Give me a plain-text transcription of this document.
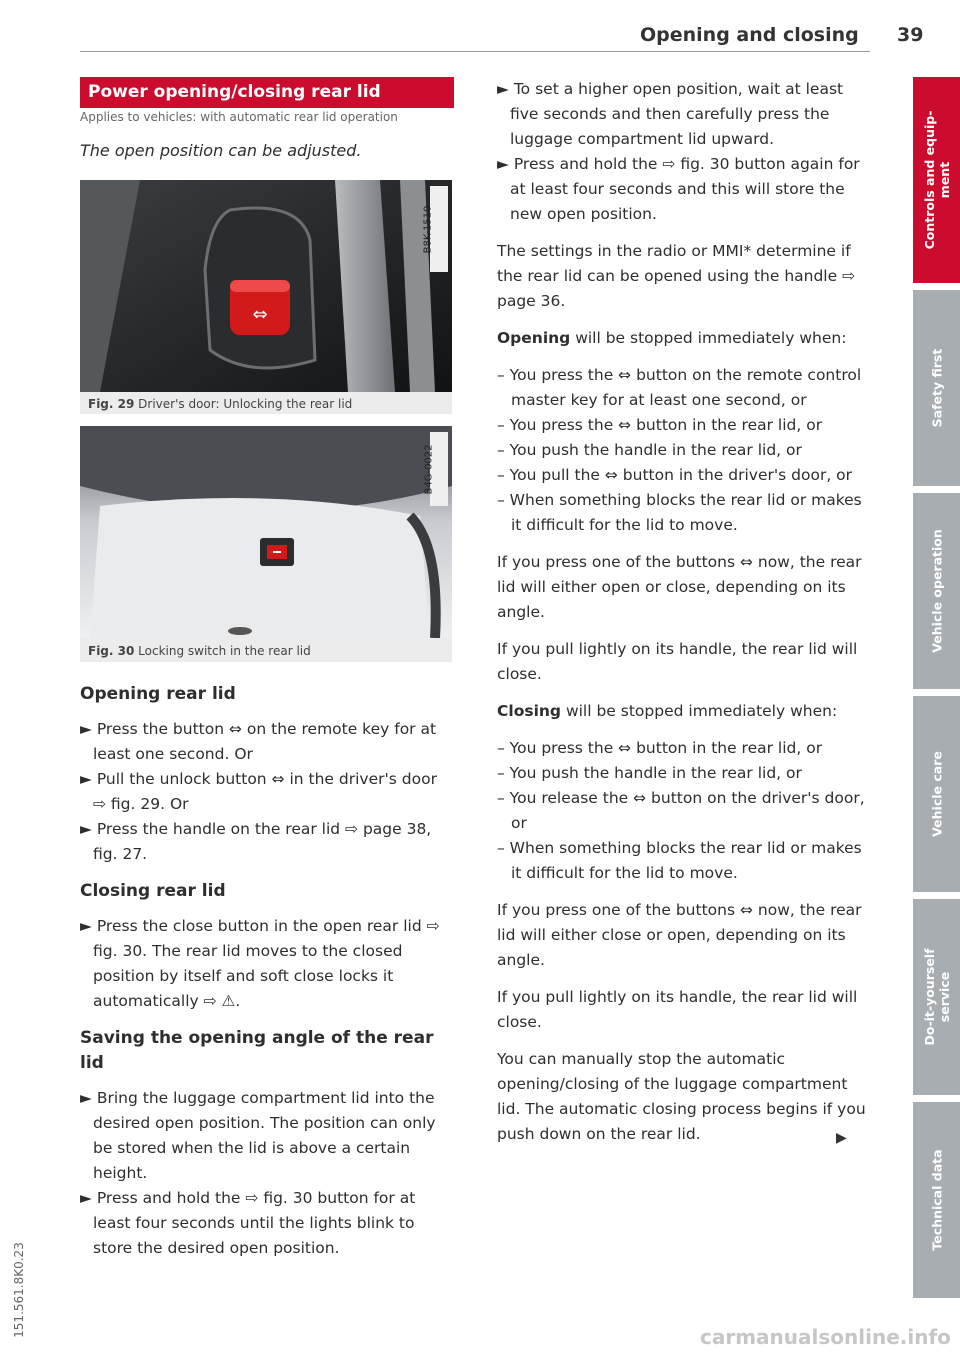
Opening and closing 39
151.561.8K0.23
Power opening/closing rear lid
Applies to vehicles: with automatic rear lid operation
The open position can be adjusted.
⇔
B8K-1510
Fig. 29 Driver's door: Unlocking the rear lid
B4G-0022
Fig. 30 Locking switch in the rear lid

Opening rear lid

► Press the button ⇔ on the remote key for at least one second. Or

► Pull the unlock button ⇔ in the driver's door ⇨ fig. 29. Or

► Press the handle on the rear lid ⇨ page 38, fig. 27.

Closing rear lid

► Press the close button in the open rear lid ⇨ fig. 30. The rear lid moves to the closed position by itself and soft close locks it automatically ⇨ ⚠.

Saving the opening angle of the rear lid

► Bring the luggage compartment lid into the desired open position. The position can only be stored when the lid is above a certain height.

► Press and hold the ⇨ fig. 30 button for at least four seconds until the lights blink to store the desired open position.

► To set a higher open position, wait at least five seconds and then carefully press the luggage compartment lid upward.

► Press and hold the ⇨ fig. 30 button again for at least four seconds and this will store the new open position.

The settings in the radio or MMI* determine if the rear lid can be opened using the handle ⇨ page 36.

Opening will be stopped immediately when:

– You press the ⇔ button on the remote control master key for at least one second, or

– You press the ⇔ button in the rear lid, or

– You push the handle in the rear lid, or

– You pull the ⇔ button in the driver's door, or

– When something blocks the rear lid or makes it difficult for the lid to move.

If you press one of the buttons ⇔ now, the rear lid will either open or close, depending on its angle.

If you pull lightly on its handle, the rear lid will close.

Closing will be stopped immediately when:

– You press the ⇔ button in the rear lid, or

– You push the handle in the rear lid, or

– You release the ⇔ button on the driver's door, or

– When something blocks the rear lid or makes it difficult for the lid to move.

If you press one of the buttons ⇔ now, the rear lid will either close or open, depending on its angle.

If you pull lightly on its handle, the rear lid will close.

You can manually stop the automatic opening/closing of the luggage compartment lid. The automatic closing process begins if you push down on the rear lid.	▶
Controls and equip-
ment
Safety first
Vehicle operation
Vehicle care
Do-it-yourself
service
Technical data
carmanualsonline.info
